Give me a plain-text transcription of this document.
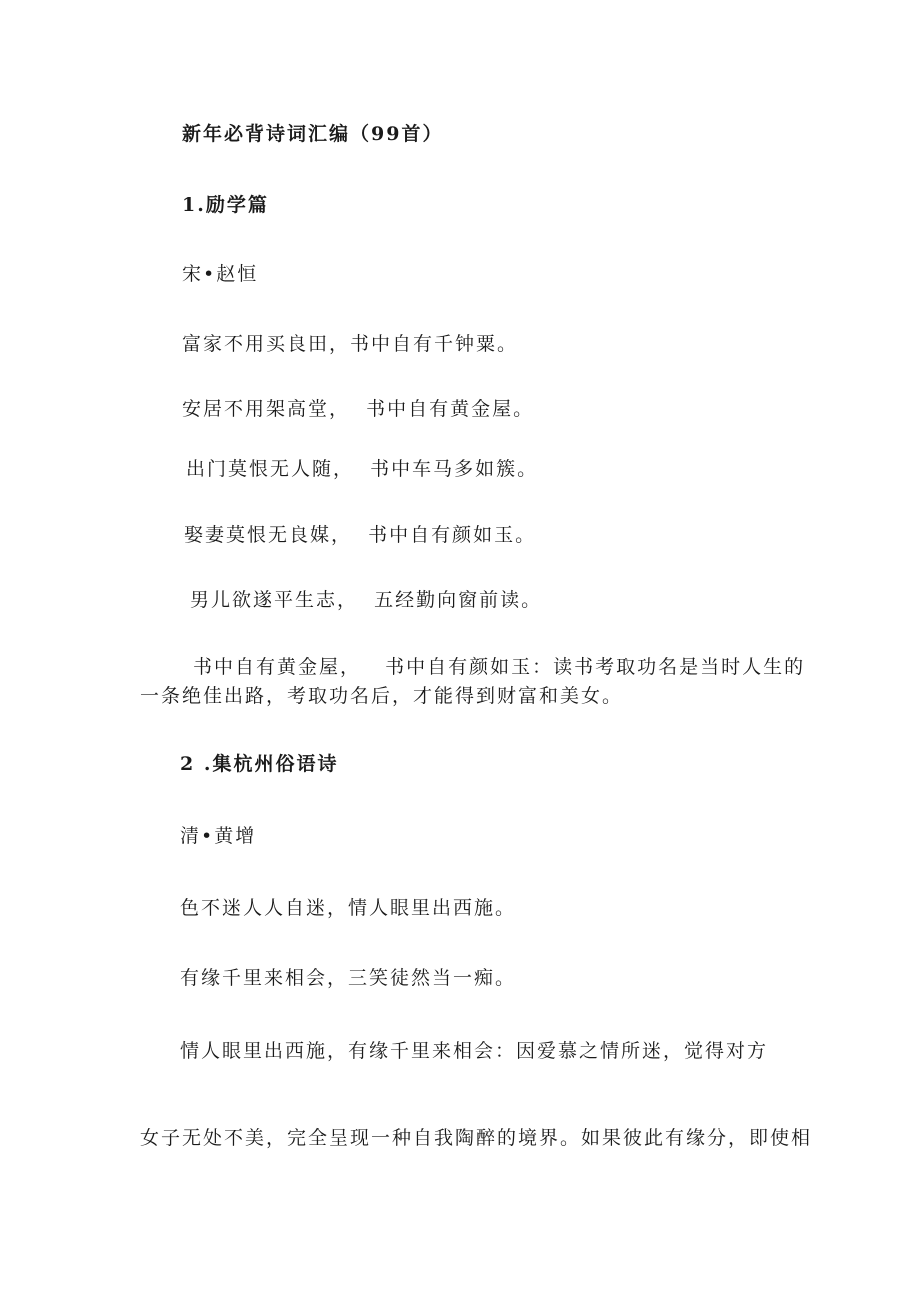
新年必背诗词汇编（99首）
1.励学篇
宋•赵恒
富家不用买良田，书中自有千钟粟。
安居不用架高堂，  书中自有黄金屋。
出门莫恨无人随，  书中车马多如簇。
娶妻莫恨无良媒，  书中自有颜如玉。
男儿欲遂平生志，  五经勤向窗前读。
书中自有黄金屋，   书中自有颜如玉：读书考取功名是当时人生的
一条绝佳出路，考取功名后，才能得到财富和美女。
2 .集杭州俗语诗
清•黄增
色不迷人人自迷，情人眼里出西施。
有缘千里来相会，三笑徒然当一痴。
情人眼里出西施，有缘千里来相会：因爱慕之情所迷，觉得对方
女子无处不美，完全呈现一种自我陶醉的境界。如果彼此有缘分，即使相
